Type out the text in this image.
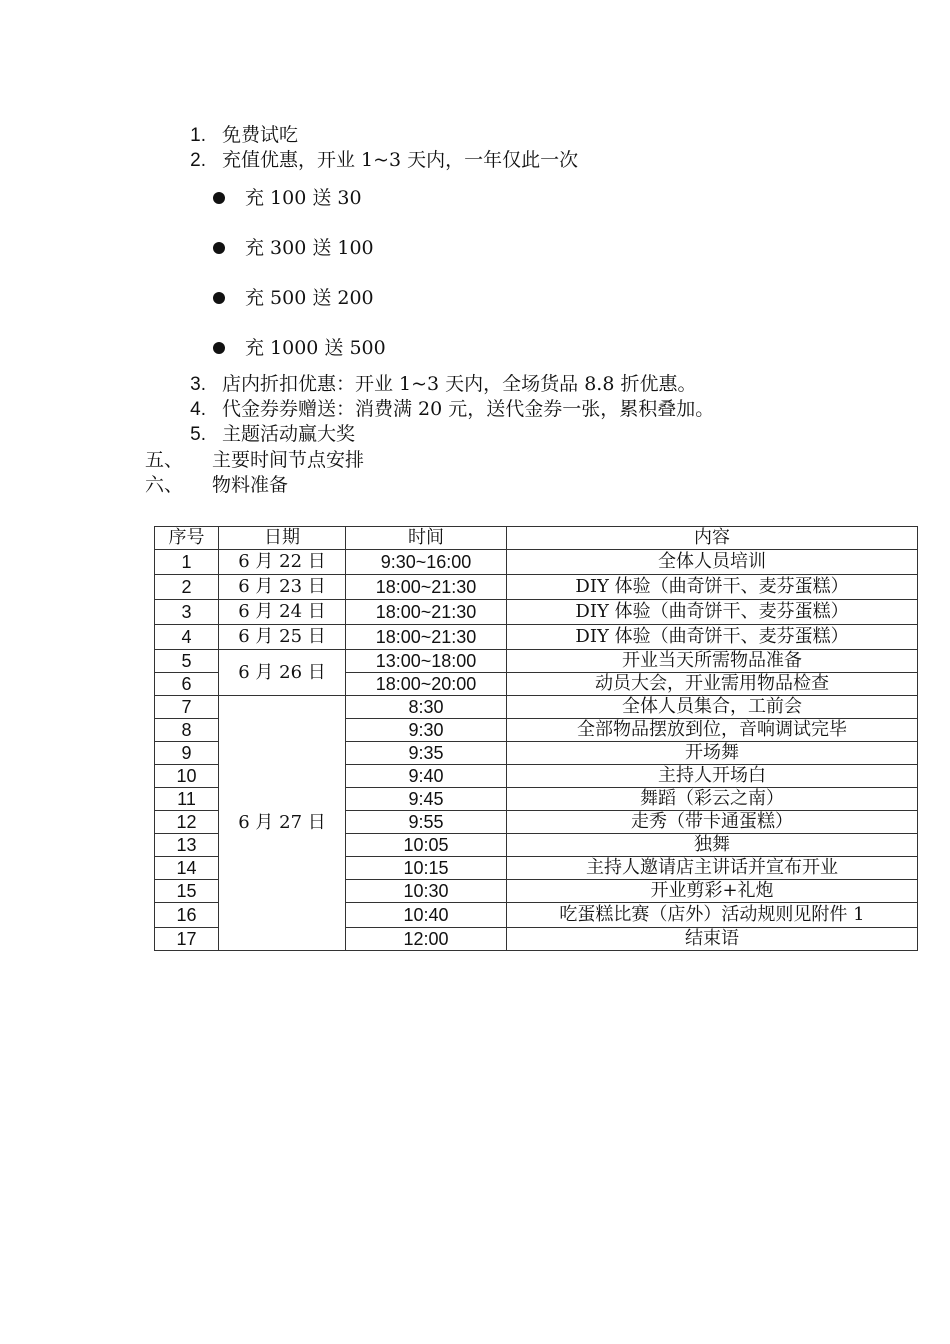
1. 免费试吃
2. 充值优惠，开业 1~3 天内，一年仅此一次
充 100 送 30
充 300 送 100
充 500 送 200
充 1000 送 500
3. 店内折扣优惠：开业 1~3 天内，全场货品 8.8 折优惠。
4. 代金券券赠送：消费满 20 元，送代金券一张，累积叠加。
5. 主题活动赢大奖
五、 主要时间节点安排
六、 物料准备
序号	日期	时间	内容
1	6 月 22 日	9:30~16:00	全体人员培训
2	6 月 23 日	18:00~21:30	DIY 体验（曲奇饼干、麦芬蛋糕）
3	6 月 24 日	18:00~21:30	DIY 体验（曲奇饼干、麦芬蛋糕）
4	6 月 25 日	18:00~21:30	DIY 体验（曲奇饼干、麦芬蛋糕）
5	6 月 26 日	13:00~18:00	开业当天所需物品准备
6		18:00~20:00	动员大会，开业需用物品检查
7	6 月 27 日	8:30	全体人员集合，工前会
8		9:30	全部物品摆放到位，音响调试完毕
9		9:35	开场舞
10		9:40	主持人开场白
11		9:45	舞蹈（彩云之南）
12		9:55	走秀（带卡通蛋糕）
13		10:05	独舞
14		10:15	主持人邀请店主讲话并宣布开业
15		10:30	开业剪彩+礼炮
16		10:40	吃蛋糕比赛（店外）活动规则见附件 1
17		12:00	结束语
